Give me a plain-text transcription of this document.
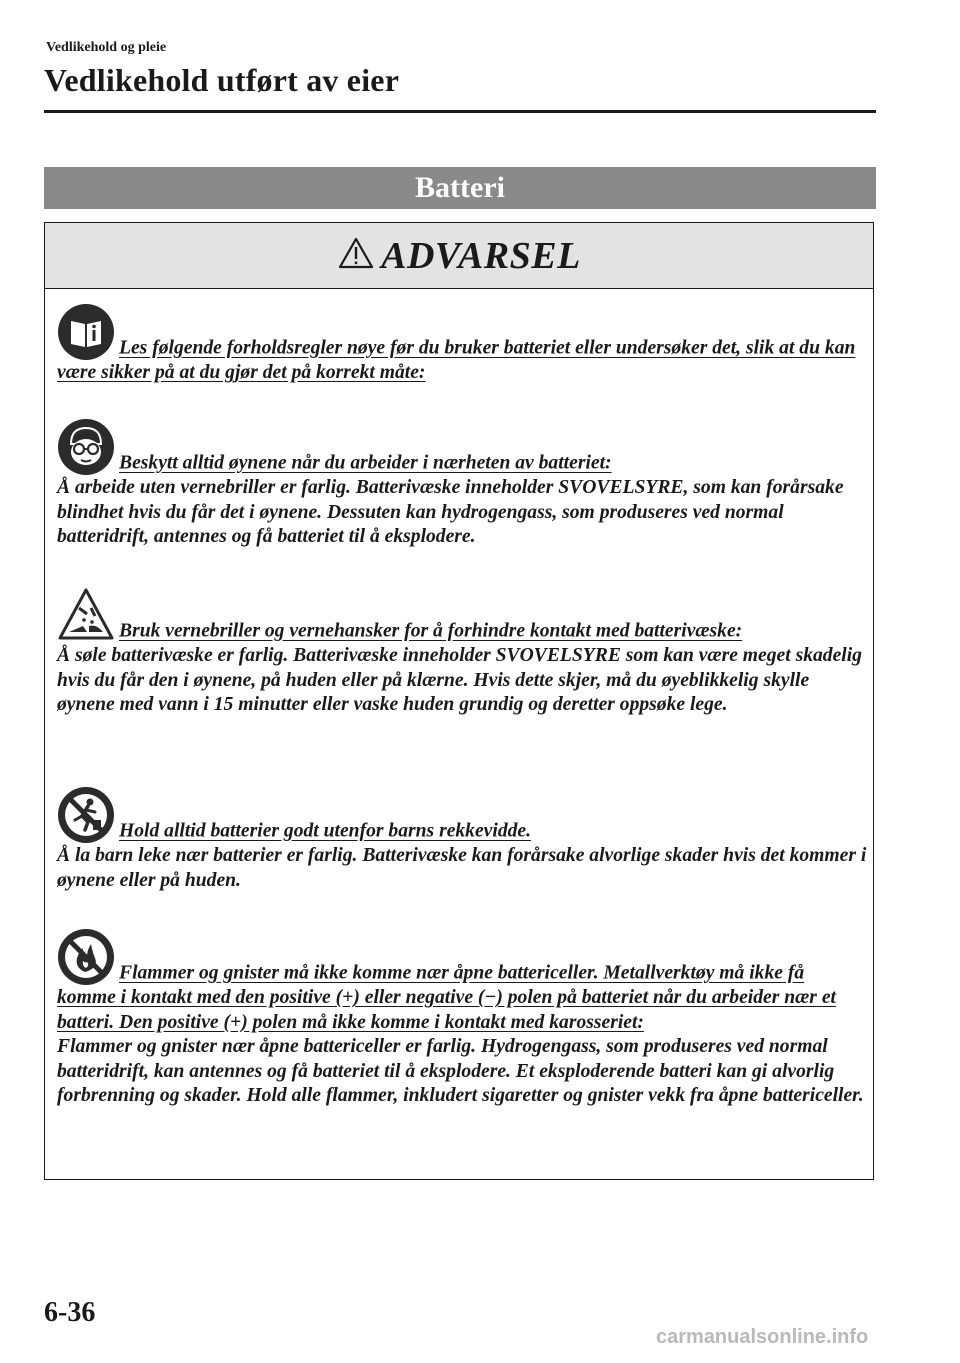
Vedlikehold og pleie
Vedlikehold utført av eier
Batteri
ADVARSEL
Les følgende forholdsregler nøye før du bruker batteriet eller undersøker det, slik at du kan være sikker på at du gjør det på korrekt måte:
Beskytt alltid øynene når du arbeider i nærheten av batteriet:
Å arbeide uten vernebriller er farlig. Batterivæske inneholder SVOVELSYRE, som kan forårsake blindhet hvis du får det i øynene. Dessuten kan hydrogengass, som produseres ved normal batteridrift, antennes og få batteriet til å eksplodere.
Bruk vernebriller og vernehansker for å forhindre kontakt med batterivæske:
Å søle batterivæske er farlig. Batterivæske inneholder SVOVELSYRE som kan være meget skadelig hvis du får den i øynene, på huden eller på klærne. Hvis dette skjer, må du øyeblikkelig skylle øynene med vann i 15 minutter eller vaske huden grundig og deretter oppsøke lege.
Hold alltid batterier godt utenfor barns rekkevidde.
Å la barn leke nær batterier er farlig. Batterivæske kan forårsake alvorlige skader hvis det kommer i øynene eller på huden.
Flammer og gnister må ikke komme nær åpne battericeller. Metallverktøy må ikke få komme i kontakt med den positive (+) eller negative (−) polen på batteriet når du arbeider nær et batteri. Den positive (+) polen må ikke komme i kontakt med karosseriet:
Flammer og gnister nær åpne battericeller er farlig. Hydrogengass, som produseres ved normal batteridrift, kan antennes og få batteriet til å eksplodere. Et eksploderende batteri kan gi alvorlig forbrenning og skader. Hold alle flammer, inkludert sigaretter og gnister vekk fra åpne battericeller.
6-36
carmanualsonline.info
